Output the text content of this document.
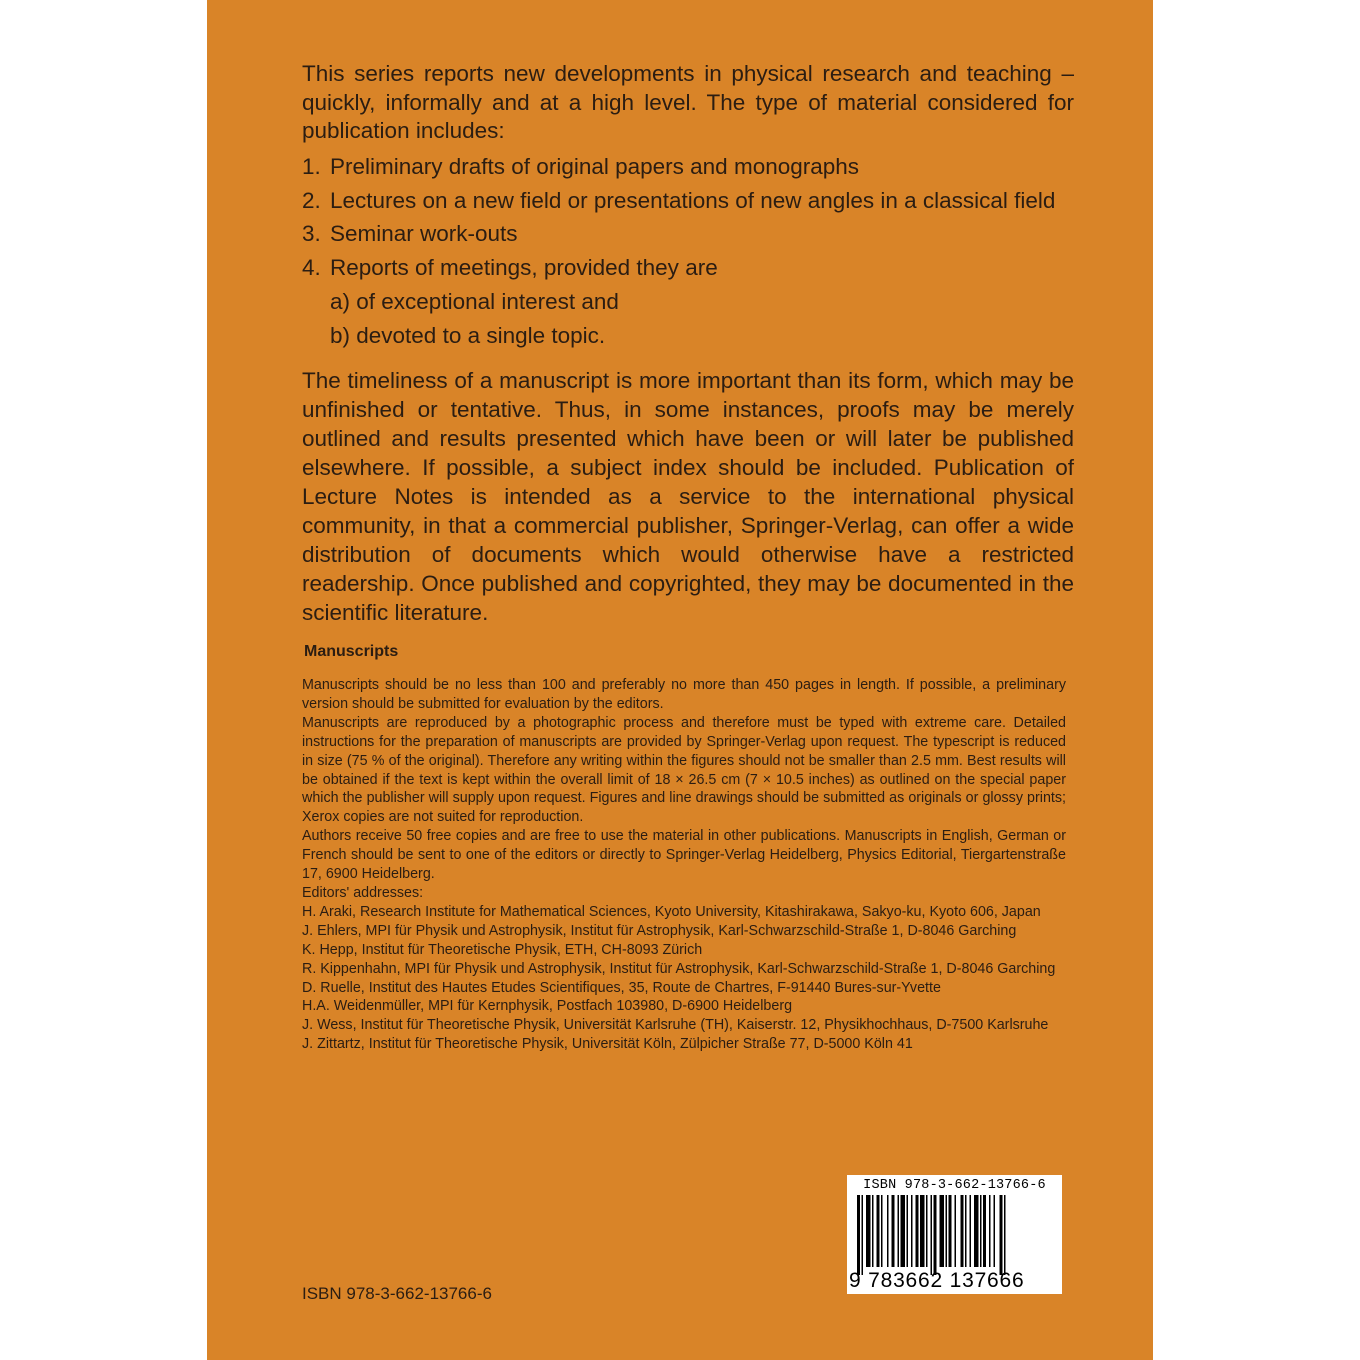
This series reports new developments in physical research and teaching – quickly, informally and at a high level. The type of material considered for publication includes:

1. Preliminary drafts of original papers and monographs
2. Lectures on a new field or presentations of new angles in a classical field
3. Seminar work-outs
4. Reports of meetings, provided they are
a) of exceptional interest and
b) devoted to a single topic.

The timeliness of a manuscript is more important than its form, which may be unfinished or tentative. Thus, in some instances, proofs may be merely outlined and results presented which have been or will later be published elsewhere. If possible, a subject index should be included. Publication of Lecture Notes is intended as a service to the international physical community, in that a commercial publisher, Springer-Verlag, can offer a wide distribution of documents which would otherwise have a restricted readership. Once published and copyrighted, they may be documented in the scientific literature.

Manuscripts

Manuscripts should be no less than 100 and preferably no more than 450 pages in length. If possible, a preliminary version should be submitted for evaluation by the editors.

Manuscripts are reproduced by a photographic process and therefore must be typed with extreme care. Detailed instructions for the preparation of manuscripts are provided by Springer-Verlag upon request. The typescript is reduced in size (75 % of the original). Therefore any writing within the figures should not be smaller than 2.5 mm. Best results will be obtained if the text is kept within the overall limit of 18 × 26.5 cm (7 × 10.5 inches) as outlined on the special paper which the publisher will supply upon request. Figures and line drawings should be submitted as originals or glossy prints; Xerox copies are not suited for reproduction.

Authors receive 50 free copies and are free to use the material in other publications. Manuscripts in English, German or French should be sent to one of the editors or directly to Springer-Verlag Heidelberg, Physics Editorial, Tiergartenstraße 17, 6900 Heidelberg.

Editors' addresses:

H. Araki, Research Institute for Mathematical Sciences, Kyoto University, Kitashirakawa, Sakyo-ku, Kyoto 606, Japan
J. Ehlers, MPI für Physik und Astrophysik, Institut für Astrophysik, Karl-Schwarzschild-Straße 1, D-8046 Garching
K. Hepp, Institut für Theoretische Physik, ETH, CH-8093 Zürich
R. Kippenhahn, MPI für Physik und Astrophysik, Institut für Astrophysik, Karl-Schwarzschild-Straße 1, D-8046 Garching
D. Ruelle, Institut des Hautes Etudes Scientifiques, 35, Route de Chartres, F-91440 Bures-sur-Yvette
H.A. Weidenmüller, MPI für Kernphysik, Postfach 103980, D-6900 Heidelberg
J. Wess, Institut für Theoretische Physik, Universität Karlsruhe (TH), Kaiserstr. 12, Physikhochhaus, D-7500 Karlsruhe
J. Zittartz, Institut für Theoretische Physik, Universität Köln, Zülpicher Straße 77, D-5000 Köln 41
ISBN 978-3-662-13766-6
9 783662 137666

ISBN 978-3-662-13766-6
